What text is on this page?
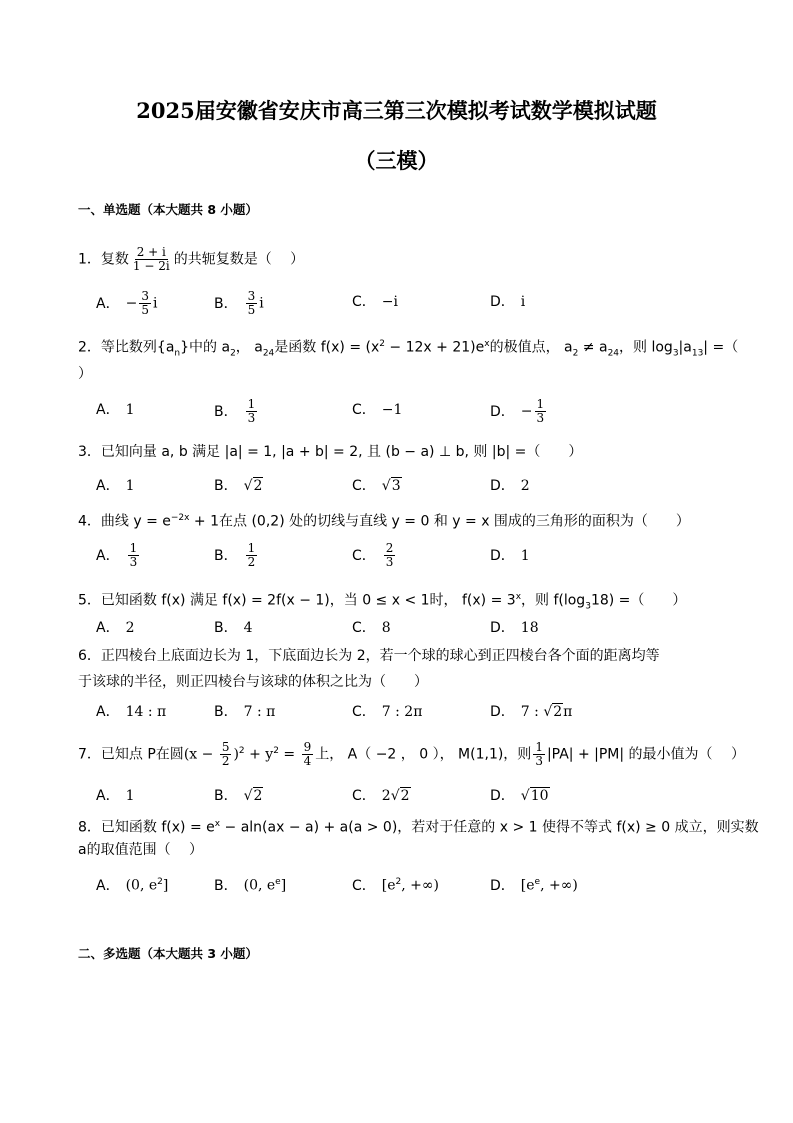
2025届安徽省安庆市高三第三次模拟考试数学模拟试题
（三模）
一、单选题（本大题共 8 小题）
1．复数 $\frac{2 + i}{1 - 2i}$ 的共轭复数是（　 ）
A． − $\frac{3}{5}$ i	B． $\frac{3}{5}$ i	C． −i	D． i
2．等比数列$\{a_n\}$中的 $a_2$， $a_{24}$是函数 $f(x) = (x^2 - 12x + 21)e^x$的极值点， $a_2 \ne a_{24}$，则 $\log_3|a_{13}|$ =（
）
A． 1	B． $\frac{1}{3}$	C． −1	D． − $\frac{1}{3}$
3．已知向量 a, b 满足 |a| = 1, |a + b| = 2, 且 (b − a) ⊥ b, 则 |b| =（　　）
A． 1	B． √2	C． √3	D． 2
4．曲线 $y = e^{-2x} + 1$在点 (0,2) 处的切线与直线 y = 0 和 y = x 围成的三角形的面积为（　　）
A． $\frac{1}{3}$	B． $\frac{1}{2}$	C． $\frac{2}{3}$	D． 1
5．已知函数 f(x) 满足 f(x) = 2f(x − 1)，当 0 ≤ x < 1时， $f(x) = 3^x$，则 $f(\log_318)$ =（　　）
A． 2	B． 4	C． 8	D． 18
6．正四棱台上底面边长为 1，下底面边长为 2，若一个球的球心到正四棱台各个面的距离均等
于该球的半径，则正四棱台与该球的体积之比为（　　）
A． 14 : π	B． 7 : π	C． 7 : 2π	D． 7 : √2π
7．已知点 P在圆$(x - \frac{5}{2} )^2 + y^2 = \frac{9}{4}$ 上， A（ −2 ， 0 ）， M(1,1)，则 $\frac{1}{3} |PA| + |PM|$ 的最小值为（　 ）
A． 1	B． √2	C． 2√2	D． √10
8．已知函数 $f(x) = e^x - aln(ax - a) + a(a > 0)$，若对于任意的 x > 1 使得不等式 f(x) ≥ 0 成立，则实数
a的取值范围（　 ）
A． (0, $e^2$]	B． (0, $e^e$]	C． [$e^2$, +∞)	D． [$e^e$, +∞)
二、多选题（本大题共 3 小题）
